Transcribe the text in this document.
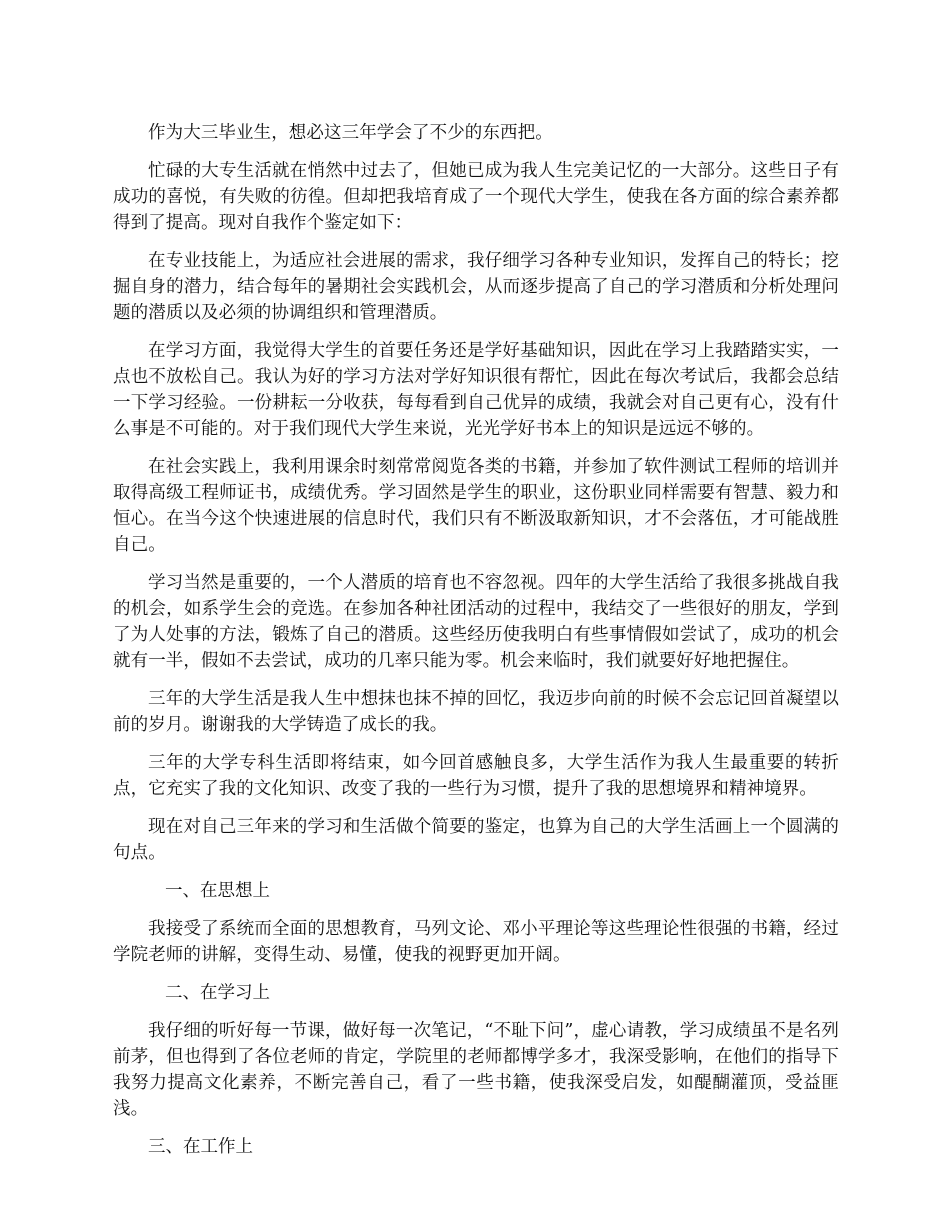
作为大三毕业生，想必这三年学会了不少的东西把。

忙碌的大专生活就在悄然中过去了，但她已成为我人生完美记忆的一大部分。这些日子有成功的喜悦，有失败的彷徨。但却把我培育成了一个现代大学生，使我在各方面的综合素养都得到了提高。现对自我作个鉴定如下：

在专业技能上，为适应社会进展的需求，我仔细学习各种专业知识，发挥自己的特长；挖掘自身的潜力，结合每年的暑期社会实践机会，从而逐步提高了自己的学习潜质和分析处理问题的潜质以及必须的协调组织和管理潜质。

在学习方面，我觉得大学生的首要任务还是学好基础知识，因此在学习上我踏踏实实，一点也不放松自己。我认为好的学习方法对学好知识很有帮忙，因此在每次考试后，我都会总结一下学习经验。一份耕耘一分收获，每每看到自己优异的成绩，我就会对自己更有心，没有什么事是不可能的。对于我们现代大学生来说，光光学好书本上的知识是远远不够的。

在社会实践上，我利用课余时刻常常阅览各类的书籍，并参加了软件测试工程师的培训并取得高级工程师证书，成绩优秀。学习固然是学生的职业，这份职业同样需要有智慧、毅力和恒心。在当今这个快速进展的信息时代，我们只有不断汲取新知识，才不会落伍，才可能战胜自己。

学习当然是重要的，一个人潜质的培育也不容忽视。四年的大学生活给了我很多挑战自我的机会，如系学生会的竞选。在参加各种社团活动的过程中，我结交了一些很好的朋友，学到了为人处事的方法，锻炼了自己的潜质。这些经历使我明白有些事情假如尝试了，成功的机会就有一半，假如不去尝试，成功的几率只能为零。机会来临时，我们就要好好地把握住。

三年的大学生活是我人生中想抹也抹不掉的回忆，我迈步向前的时候不会忘记回首凝望以前的岁月。谢谢我的大学铸造了成长的我。

三年的大学专科生活即将结束，如今回首感触良多，大学生活作为我人生最重要的转折点，它充实了我的文化知识、改变了我的一些行为习惯，提升了我的思想境界和精神境界。

现在对自己三年来的学习和生活做个简要的鉴定，也算为自己的大学生活画上一个圆满的句点。

一、在思想上

我接受了系统而全面的思想教育，马列文论、邓小平理论等这些理论性很强的书籍，经过学院老师的讲解，变得生动、易懂，使我的视野更加开阔。

二、在学习上

我仔细的听好每一节课，做好每一次笔记，“不耻下问”，虚心请教，学习成绩虽不是名列前茅，但也得到了各位老师的肯定，学院里的老师都博学多才，我深受影响，在他们的指导下我努力提高文化素养，不断完善自己，看了一些书籍，使我深受启发，如醍醐灌顶，受益匪浅。

三、在工作上
